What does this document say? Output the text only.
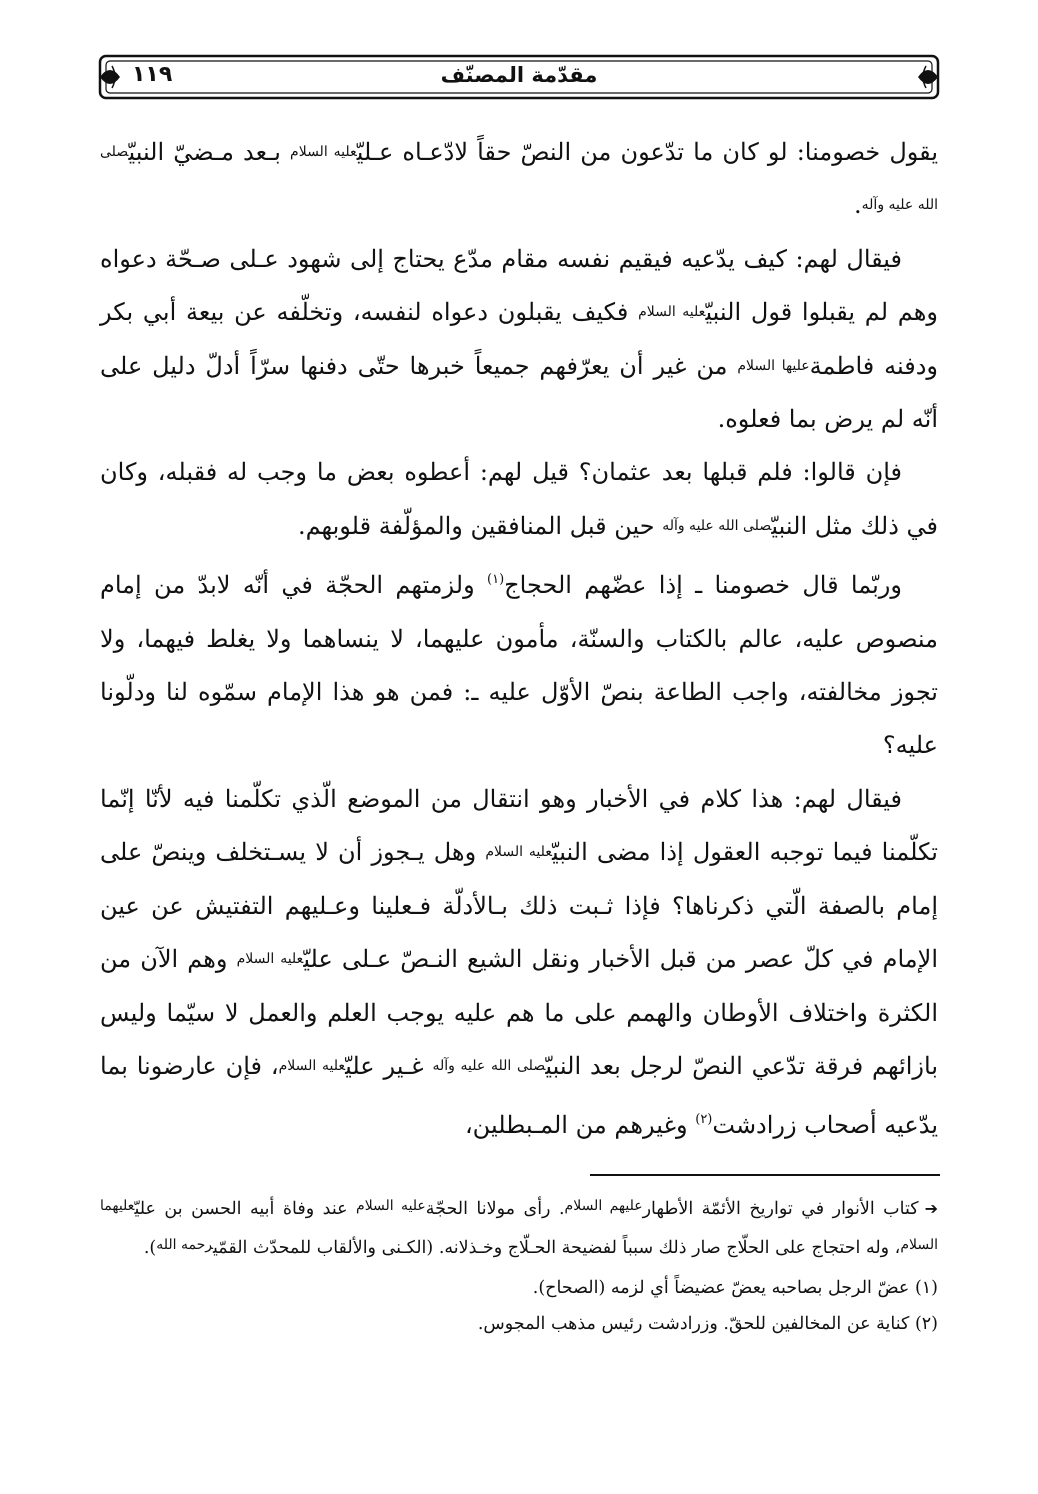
١١٩	مقدّمة المصنّف

يقول خصومنا: لو كان ما تدّعون من النصّ حقاً لادّعـاه عـليّعليه السلام بـعد مـضيّ النبيّصلى الله عليه وآله.

فيقال لهم: كيف يدّعيه فيقيم نفسه مقام مدّع يحتاج إلى شهود عـلى صـحّة دعواه وهم لم يقبلوا قول النبيّعليه السلام فكيف يقبلون دعواه لنفسه، وتخلّفه عن بيعة أبي بكر ودفنه فاطمةعليها السلام من غير أن يعرّفهم جميعاً خبرها حتّى دفنها سرّاً أدلّ دليل على أنّه لم يرض بما فعلوه.

فإن قالوا: فلم قبلها بعد عثمان؟ قيل لهم: أعطوه بعض ما وجب له فقبله، وكان في ذلك مثل النبيّصلى الله عليه وآله حين قبل المنافقين والمؤلّفة قلوبهم.

وربّما قال خصومنا ـ إذا عضّهم الحجاج$^{(١)}$ ولزمتهم الحجّة في أنّه لابدّ من إمام منصوص عليه، عالم بالكتاب والسنّة، مأمون عليهما، لا ينساهما ولا يغلط فيهما، ولا تجوز مخالفته، واجب الطاعة بنصّ الأوّل عليه ـ: فمن هو هذا الإمام سمّوه لنا ودلّونا عليه؟

فيقال لهم: هذا كلام في الأخبار وهو انتقال من الموضع الّذي تكلّمنا فيه لأنّا إنّما تكلّمنا فيما توجبه العقول إذا مضى النبيّعليه السلام وهل يـجوز أن لا يسـتخلف وينصّ على إمام بالصفة الّتي ذكرناها؟ فإذا ثـبت ذلك بـالأدلّة فـعلينا وعـليهم التفتيش عن عين الإمام في كلّ عصر من قبل الأخبار ونقل الشيع النـصّ عـلى عليّعليه السلام وهم الآن من الكثرة واختلاف الأوطان والهمم على ما هم عليه يوجب العلم والعمل لا سيّما وليس بازائهم فرقة تدّعي النصّ لرجل بعد النبيّصلى الله عليه وآله غـير عليّعليه السلام، فإن عارضونا بما يدّعيه أصحاب زرادشت$^{(٢)}$ وغيرهم من المـبطلين،

➔كتاب الأنوار في تواريخ الأئمّة الأطهار$^{عليهم السلام}$. رأى مولانا الحجّة$^{عليه السلام}$ عند وفاة أبيه الحسن بن عليّ$^{عليهما السلام}$، وله احتجاج على الحلّاج صار ذلك سبباً لفضيحة الحـلّاج وخـذلانه. (الكـنى والألقاب للمحدّث القمّي$^{رحمه الله}$).

(١) عضّ الرجل بصاحبه يعضّ عضيضاً أي لزمه (الصحاح).

(٢) كناية عن المخالفين للحقّ. وزرادشت رئيس مذهب المجوس.
